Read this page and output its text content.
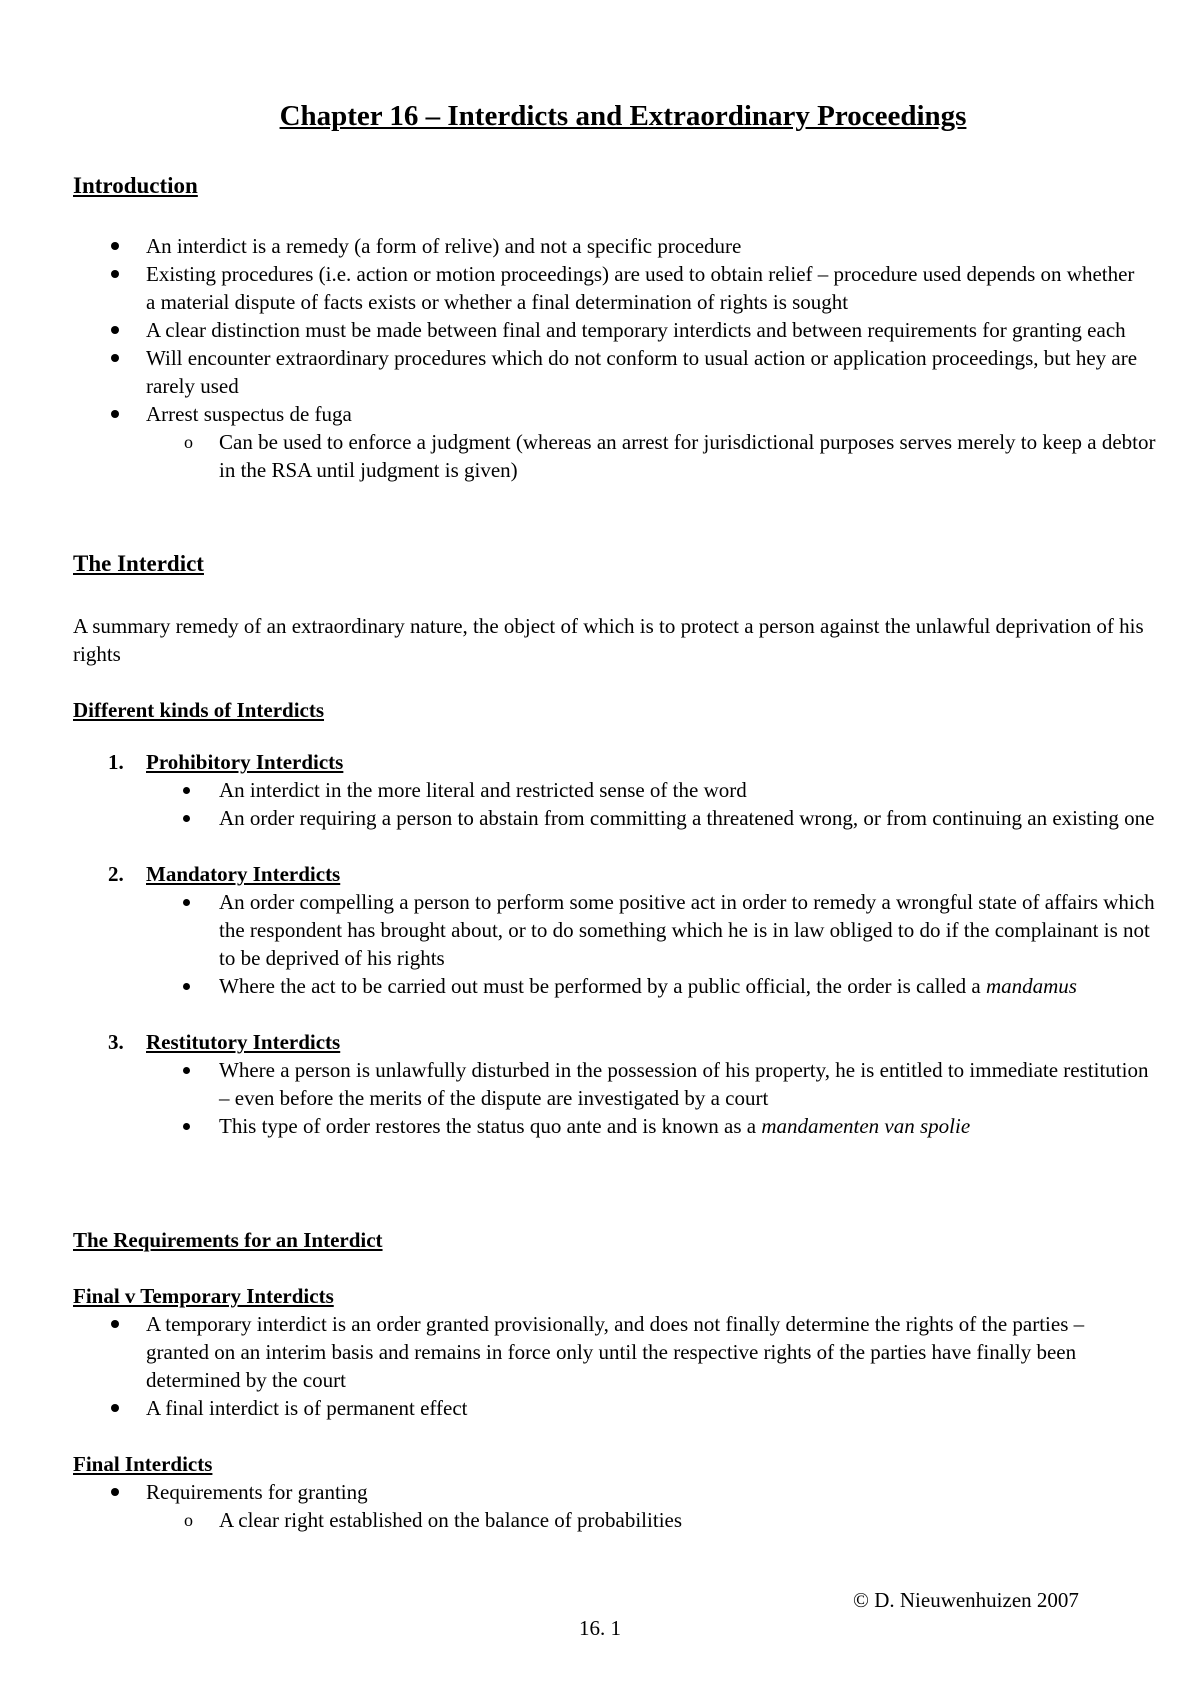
Chapter 16 – Interdicts and Extraordinary Proceedings
Introduction
An interdict is a remedy (a form of relive) and not a specific procedure
Existing procedures (i.e. action or motion proceedings) are used to obtain relief – procedure used depends on whether a material dispute of facts exists or whether a final determination of rights is sought
A clear distinction must be made between final and temporary interdicts and between requirements for granting each
Will encounter extraordinary procedures which do not conform to usual action or application proceedings, but hey are rarely used
Arrest suspectus de fuga
o Can be used to enforce a judgment (whereas an arrest for jurisdictional purposes serves merely to keep a debtor in the RSA until judgment is given)
The Interdict

A summary remedy of an extraordinary nature, the object of which is to protect a person against the unlawful deprivation of his rights

Different kinds of Interdicts
1. Prohibitory Interdicts
An interdict in the more literal and restricted sense of the word
An order requiring a person to abstain from committing a threatened wrong, or from continuing an existing one
2. Mandatory Interdicts
An order compelling a person to perform some positive act in order to remedy a wrongful state of affairs which the respondent has brought about, or to do something which he is in law obliged to do if the complainant is not to be deprived of his rights
Where the act to be carried out must be performed by a public official, the order is called a mandamus
3. Restitutory Interdicts
Where a person is unlawfully disturbed in the possession of his property, he is entitled to immediate restitution – even before the merits of the dispute are investigated by a court
This type of order restores the status quo ante and is known as a mandamenten van spolie
The Requirements for an Interdict
Final v Temporary Interdicts
A temporary interdict is an order granted provisionally, and does not finally determine the rights of the parties – granted on an interim basis and remains in force only until the respective rights of the parties have finally been determined by the court
A final interdict is of permanent effect
Final Interdicts
Requirements for granting
o A clear right established on the balance of probabilities
© D. Nieuwenhuizen 2007
16. 1
